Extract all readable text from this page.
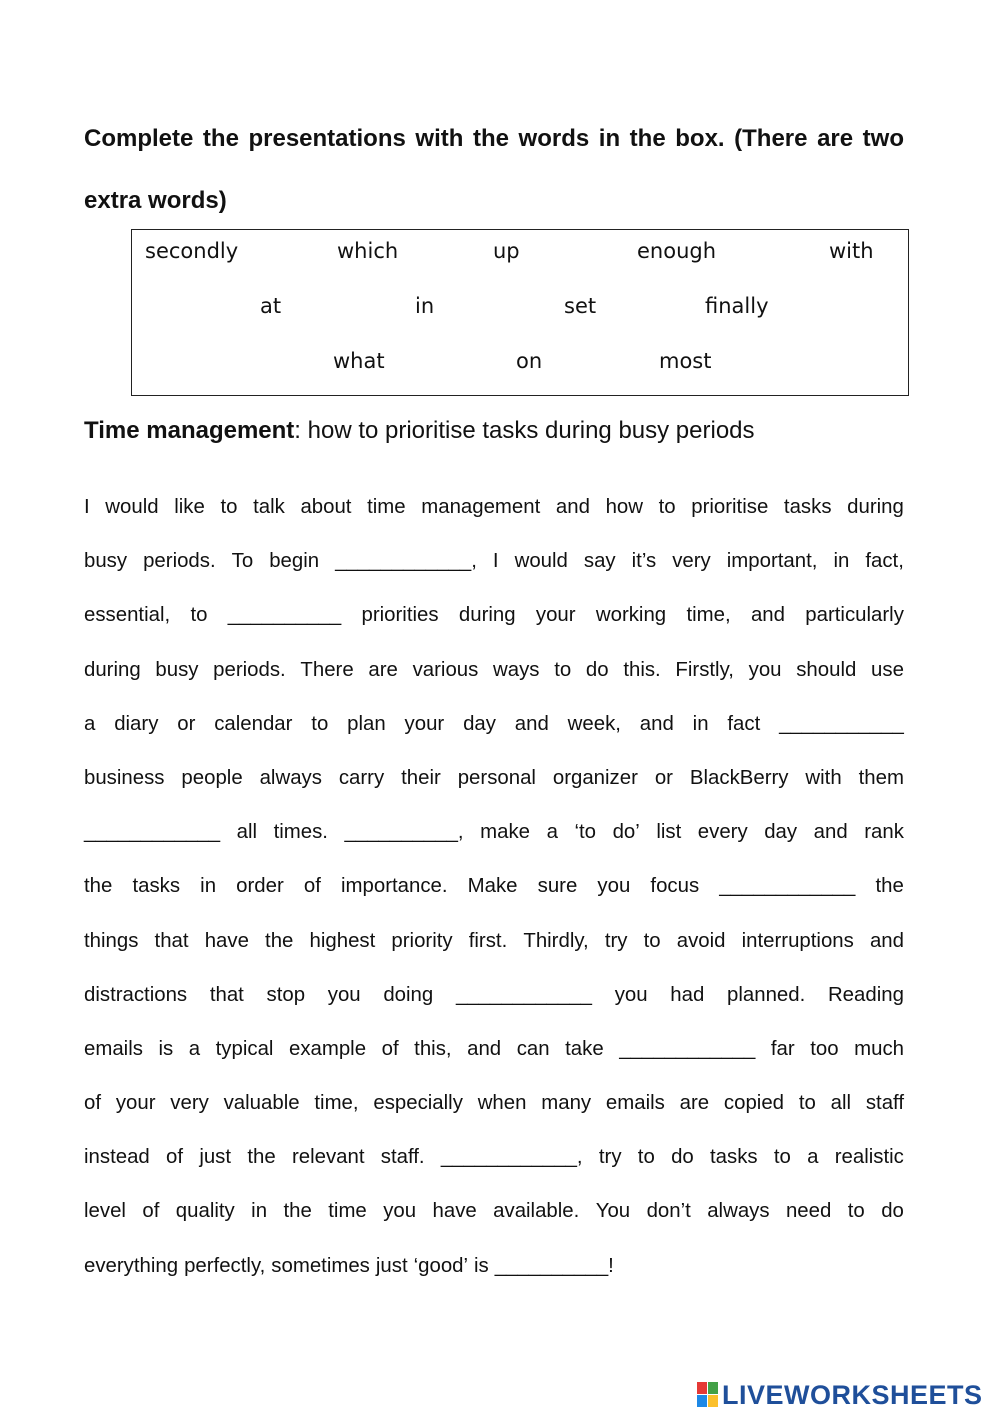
Complete the presentations with the words in the box. (There are two extra words)

secondly	which	up	enough	with
at	in	set	finally
what	on	most

Time management: how to prioritise tasks during busy periods

I would like to talk about time management and how to prioritise tasks during
busy periods. To begin ____________, I would say it’s very important, in fact,
essential, to __________ priorities during your working time, and particularly
during busy periods. There are various ways to do this. Firstly, you should use
a diary or calendar to plan your day and week, and in fact ___________
business people always carry their personal organizer or BlackBerry with them
____________ all times. __________, make a ‘to do’ list every day and rank
the tasks in order of importance. Make sure you focus ____________ the
things that have the highest priority first. Thirdly, try to avoid interruptions and
distractions that stop you doing ____________ you had planned. Reading
emails is a typical example of this, and can take ____________ far too much
of your very valuable time, especially when many emails are copied to all staff
instead of just the relevant staff. ____________, try to do tasks to a realistic
level of quality in the time you have available. You don’t always need to do
everything perfectly, sometimes just ‘good’ is __________!
LIVEWORKSHEETS
